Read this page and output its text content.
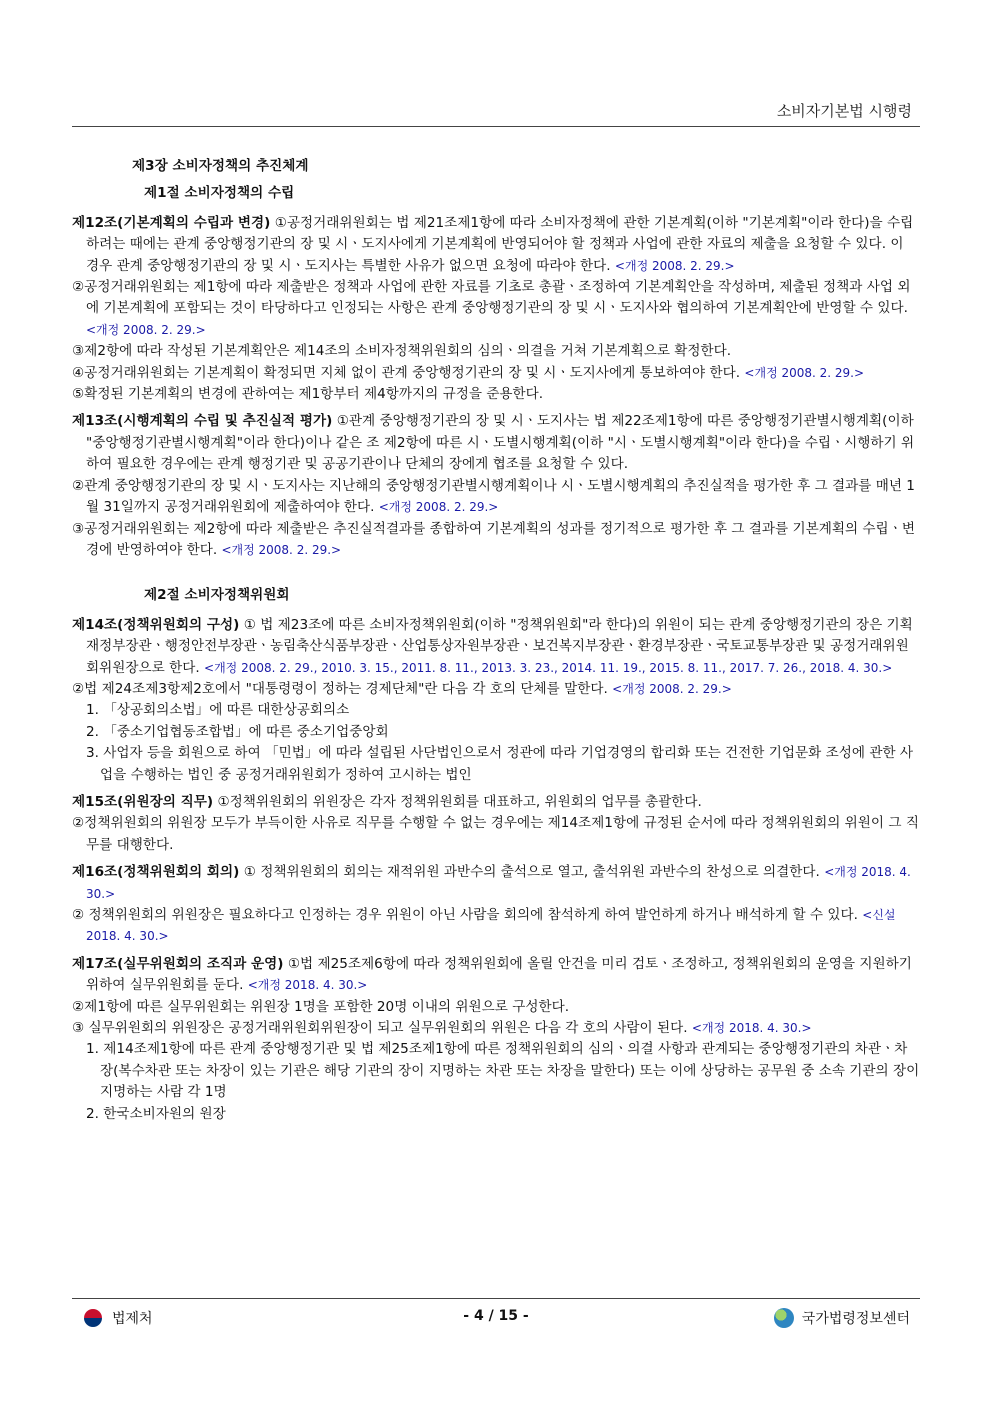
소비자기본법 시행령
제3장 소비자정책의 추진체계
제1절 소비자정책의 수립
제12조(기본계획의 수립과 변경) ①공정거래위원회는 법 제21조제1항에 따라 소비자정책에 관한 기본계획(이하 "기본계획"이라 한다)을 수립하려는 때에는 관계 중앙행정기관의 장 및 시ㆍ도지사에게 기본계획에 반영되어야 할 정책과 사업에 관한 자료의 제출을 요청할 수 있다. 이 경우 관계 중앙행정기관의 장 및 시ㆍ도지사는 특별한 사유가 없으면 요청에 따라야 한다. <개정 2008. 2. 29.>
②공정거래위원회는 제1항에 따라 제출받은 정책과 사업에 관한 자료를 기초로 총괄ㆍ조정하여 기본계획안을 작성하며, 제출된 정책과 사업 외에 기본계획에 포함되는 것이 타당하다고 인정되는 사항은 관계 중앙행정기관의 장 및 시ㆍ도지사와 협의하여 기본계획안에 반영할 수 있다. <개정 2008. 2. 29.>
③제2항에 따라 작성된 기본계획안은 제14조의 소비자정책위원회의 심의ㆍ의결을 거쳐 기본계획으로 확정한다.
④공정거래위원회는 기본계획이 확정되면 지체 없이 관계 중앙행정기관의 장 및 시ㆍ도지사에게 통보하여야 한다. <개정 2008. 2. 29.>
⑤확정된 기본계획의 변경에 관하여는 제1항부터 제4항까지의 규정을 준용한다.
제13조(시행계획의 수립 및 추진실적 평가) ①관계 중앙행정기관의 장 및 시ㆍ도지사는 법 제22조제1항에 따른 중앙행정기관별시행계획(이하 "중앙행정기관별시행계획"이라 한다)이나 같은 조 제2항에 따른 시ㆍ도별시행계획(이하 "시ㆍ도별시행계획"이라 한다)을 수립ㆍ시행하기 위하여 필요한 경우에는 관계 행정기관 및 공공기관이나 단체의 장에게 협조를 요청할 수 있다.
②관계 중앙행정기관의 장 및 시ㆍ도지사는 지난해의 중앙행정기관별시행계획이나 시ㆍ도별시행계획의 추진실적을 평가한 후 그 결과를 매년 1월 31일까지 공정거래위원회에 제출하여야 한다. <개정 2008. 2. 29.>
③공정거래위원회는 제2항에 따라 제출받은 추진실적결과를 종합하여 기본계획의 성과를 정기적으로 평가한 후 그 결과를 기본계획의 수립ㆍ변경에 반영하여야 한다. <개정 2008. 2. 29.>
제2절 소비자정책위원회
제14조(정책위원회의 구성) ① 법 제23조에 따른 소비자정책위원회(이하 "정책위원회"라 한다)의 위원이 되는 관계 중앙행정기관의 장은 기획재정부장관ㆍ행정안전부장관ㆍ농림축산식품부장관ㆍ산업통상자원부장관ㆍ보건복지부장관ㆍ환경부장관ㆍ국토교통부장관 및 공정거래위원회위원장으로 한다. <개정 2008. 2. 29., 2010. 3. 15., 2011. 8. 11., 2013. 3. 23., 2014. 11. 19., 2015. 8. 11., 2017. 7. 26., 2018. 4. 30.>
②법 제24조제3항제2호에서 "대통령령이 정하는 경제단체"란 다음 각 호의 단체를 말한다. <개정 2008. 2. 29.>
1. 「상공회의소법」에 따른 대한상공회의소
2. 「중소기업협동조합법」에 따른 중소기업중앙회
3. 사업자 등을 회원으로 하여 「민법」에 따라 설립된 사단법인으로서 정관에 따라 기업경영의 합리화 또는 건전한 기업문화 조성에 관한 사업을 수행하는 법인 중 공정거래위원회가 정하여 고시하는 법인
제15조(위원장의 직무) ①정책위원회의 위원장은 각자 정책위원회를 대표하고, 위원회의 업무를 총괄한다.
②정책위원회의 위원장 모두가 부득이한 사유로 직무를 수행할 수 없는 경우에는 제14조제1항에 규정된 순서에 따라 정책위원회의 위원이 그 직무를 대행한다.
제16조(정책위원회의 회의) ① 정책위원회의 회의는 재적위원 과반수의 출석으로 열고, 출석위원 과반수의 찬성으로 의결한다. <개정 2018. 4. 30.>
② 정책위원회의 위원장은 필요하다고 인정하는 경우 위원이 아닌 사람을 회의에 참석하게 하여 발언하게 하거나 배석하게 할 수 있다. <신설 2018. 4. 30.>
제17조(실무위원회의 조직과 운영) ①법 제25조제6항에 따라 정책위원회에 올릴 안건을 미리 검토ㆍ조정하고, 정책위원회의 운영을 지원하기 위하여 실무위원회를 둔다. <개정 2018. 4. 30.>
②제1항에 따른 실무위원회는 위원장 1명을 포함한 20명 이내의 위원으로 구성한다.
③ 실무위원회의 위원장은 공정거래위원회위원장이 되고 실무위원회의 위원은 다음 각 호의 사람이 된다. <개정 2018. 4. 30.>
1. 제14조제1항에 따른 관계 중앙행정기관 및 법 제25조제1항에 따른 정책위원회의 심의ㆍ의결 사항과 관계되는 중앙행정기관의 차관ㆍ차장(복수차관 또는 차장이 있는 기관은 해당 기관의 장이 지명하는 차관 또는 차장을 말한다) 또는 이에 상당하는 공무원 중 소속 기관의 장이 지명하는 사람 각 1명
2. 한국소비자원의 원장
법제처	- 4 / 15 -	국가법령정보센터
